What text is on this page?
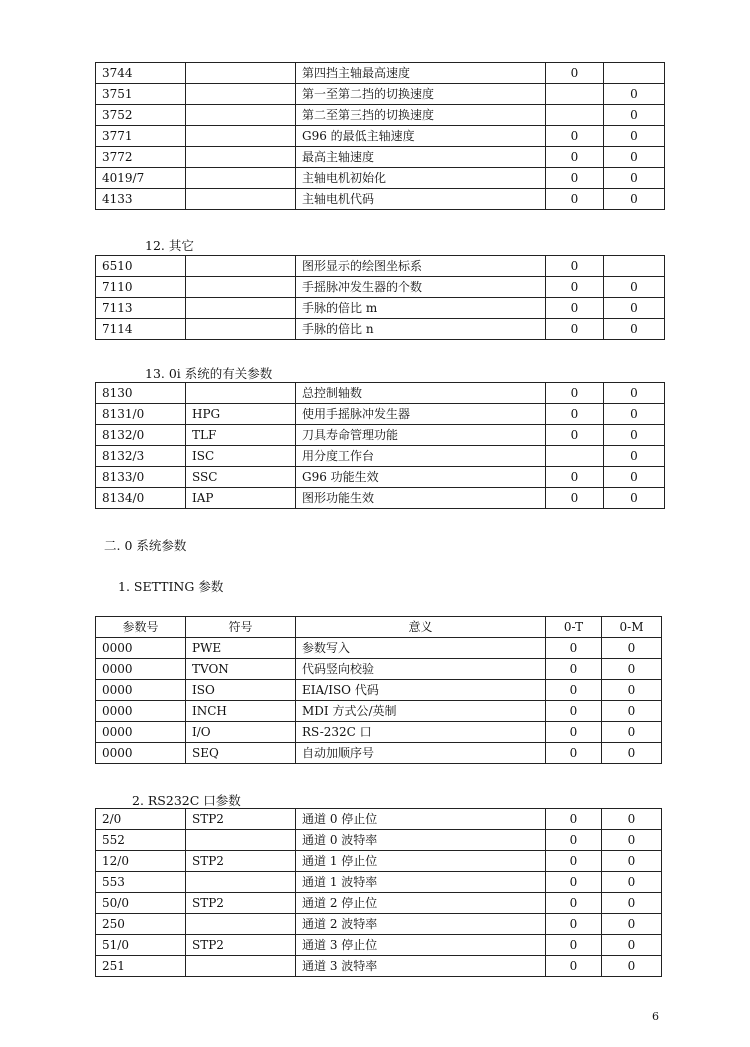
3744		第四挡主轴最高速度	0	
3751		第一至第二挡的切换速度		0
3752		第二至第三挡的切换速度		0
3771		G96 的最低主轴速度	0	0
3772		最高主轴速度	0	0
4019/7		主轴电机初始化	0	0
4133		主轴电机代码	0	0
12. 其它
6510		图形显示的绘图坐标系	0	
7110		手摇脉冲发生器的个数	0	0
7113		手脉的倍比 m	0	0
7114		手脉的倍比 n	0	0
13. 0i 系统的有关参数
8130		总控制轴数	0	0
8131/0	HPG	使用手摇脉冲发生器	0	0
8132/0	TLF	刀具寿命管理功能	0	0
8132/3	ISC	用分度工作台		0
8133/0	SSC	G96 功能生效	0	0
8134/0	IAP	图形功能生效	0	0
二. 0 系统参数
1. SETTING 参数
参数号	符号	意义	0-T	0-M
0000	PWE	参数写入	0	0
0000	TVON	代码竖向校验	0	0
0000	ISO	EIA/ISO 代码	0	0
0000	INCH	MDI 方式公/英制	0	0
0000	I/O	RS-232C 口	0	0
0000	SEQ	自动加顺序号	0	0
2. RS232C 口参数
2/0	STP2	通道 0 停止位	0	0
552		通道 0 波特率	0	0
12/0	STP2	通道 1 停止位	0	0
553		通道 1 波特率	0	0
50/0	STP2	通道 2 停止位	0	0
250		通道 2 波特率	0	0
51/0	STP2	通道 3 停止位	0	0
251		通道 3 波特率	0	0
6
